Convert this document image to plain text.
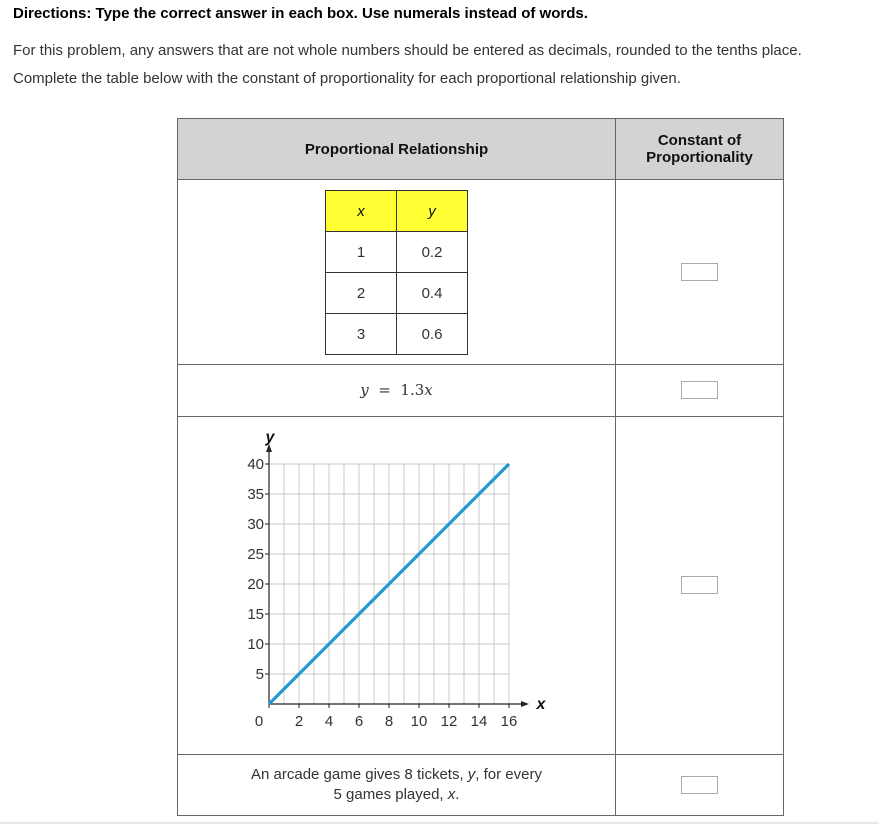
Directions: Type the correct answer in each box. Use numerals instead of words.
For this problem, any answers that are not whole numbers should be entered as decimals, rounded to the tenths place.
Complete the table below with the constant of proportionality for each proportional relationship given.
Proportional Relationship	Constant of
Proportionality

x	y
1	0.2
2	0.4
3	0.6

y = 1.3x	

5
10
15
20
25
30
35
40
0 2 4 6 8 10 12 14 16
y
x

An arcade game gives 8 tickets, y, for every
5 games played, x.
